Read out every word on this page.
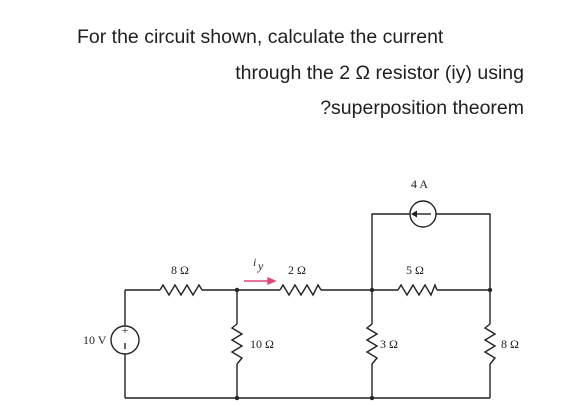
For the circuit shown, calculate the current
through the 2 Ω resistor (iy) using
?superposition theorem
+
10 V
8 Ω	2 Ω
i y	5 Ω
4 A
10 Ω	3 Ω	8 Ω
